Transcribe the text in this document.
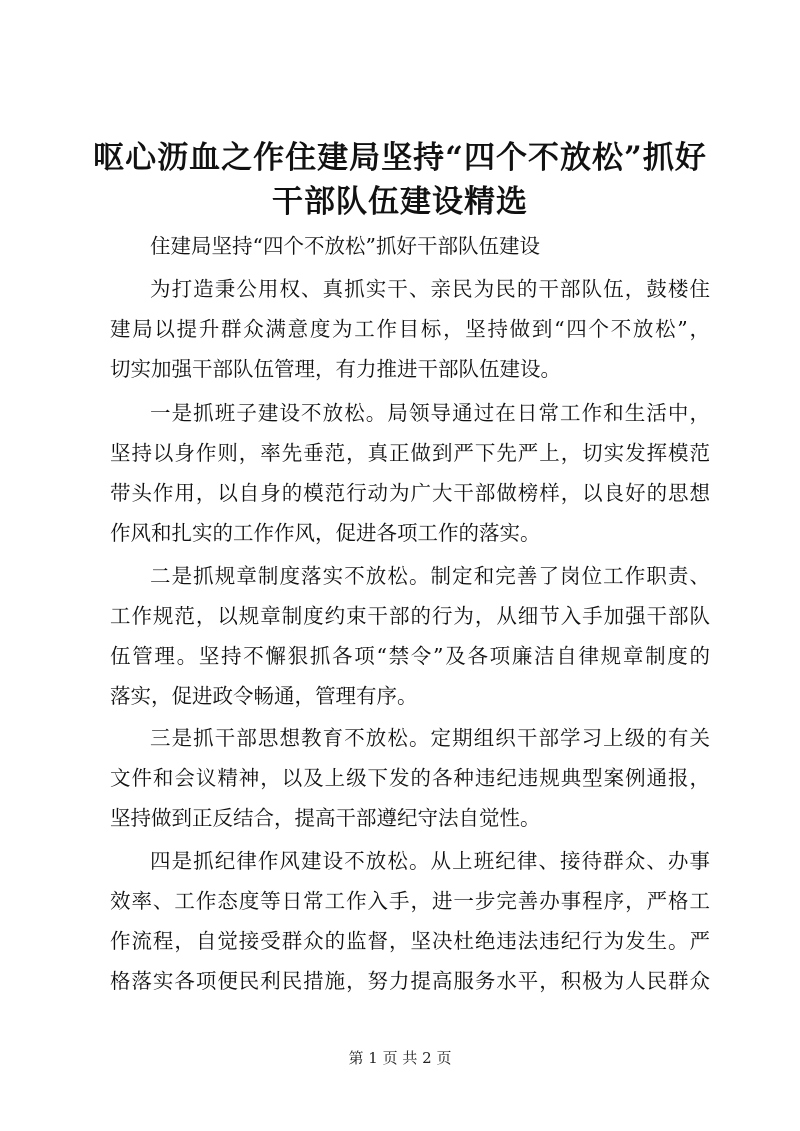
呕心沥血之作住建局坚持“四个不放松”抓好
干部队伍建设精选
住建局坚持“四个不放松”抓好干部队伍建设
为打造秉公用权、真抓实干、亲民为民的干部队伍，鼓楼住
建局以提升群众满意度为工作目标，坚持做到“四个不放松”，
切实加强干部队伍管理，有力推进干部队伍建设。
一是抓班子建设不放松。局领导通过在日常工作和生活中，
坚持以身作则，率先垂范，真正做到严下先严上，切实发挥模范
带头作用，以自身的模范行动为广大干部做榜样，以良好的思想
作风和扎实的工作作风，促进各项工作的落实。
二是抓规章制度落实不放松。制定和完善了岗位工作职责、
工作规范，以规章制度约束干部的行为，从细节入手加强干部队
伍管理。坚持不懈狠抓各项“禁令”及各项廉洁自律规章制度的
落实，促进政令畅通，管理有序。
三是抓干部思想教育不放松。定期组织干部学习上级的有关
文件和会议精神，以及上级下发的各种违纪违规典型案例通报，
坚持做到正反结合，提高干部遵纪守法自觉性。
四是抓纪律作风建设不放松。从上班纪律、接待群众、办事
效率、工作态度等日常工作入手，进一步完善办事程序，严格工
作流程，自觉接受群众的监督，坚决杜绝违法违纪行为发生。严
格落实各项便民利民措施，努力提高服务水平，积极为人民群众
第 1 页 共 2 页
